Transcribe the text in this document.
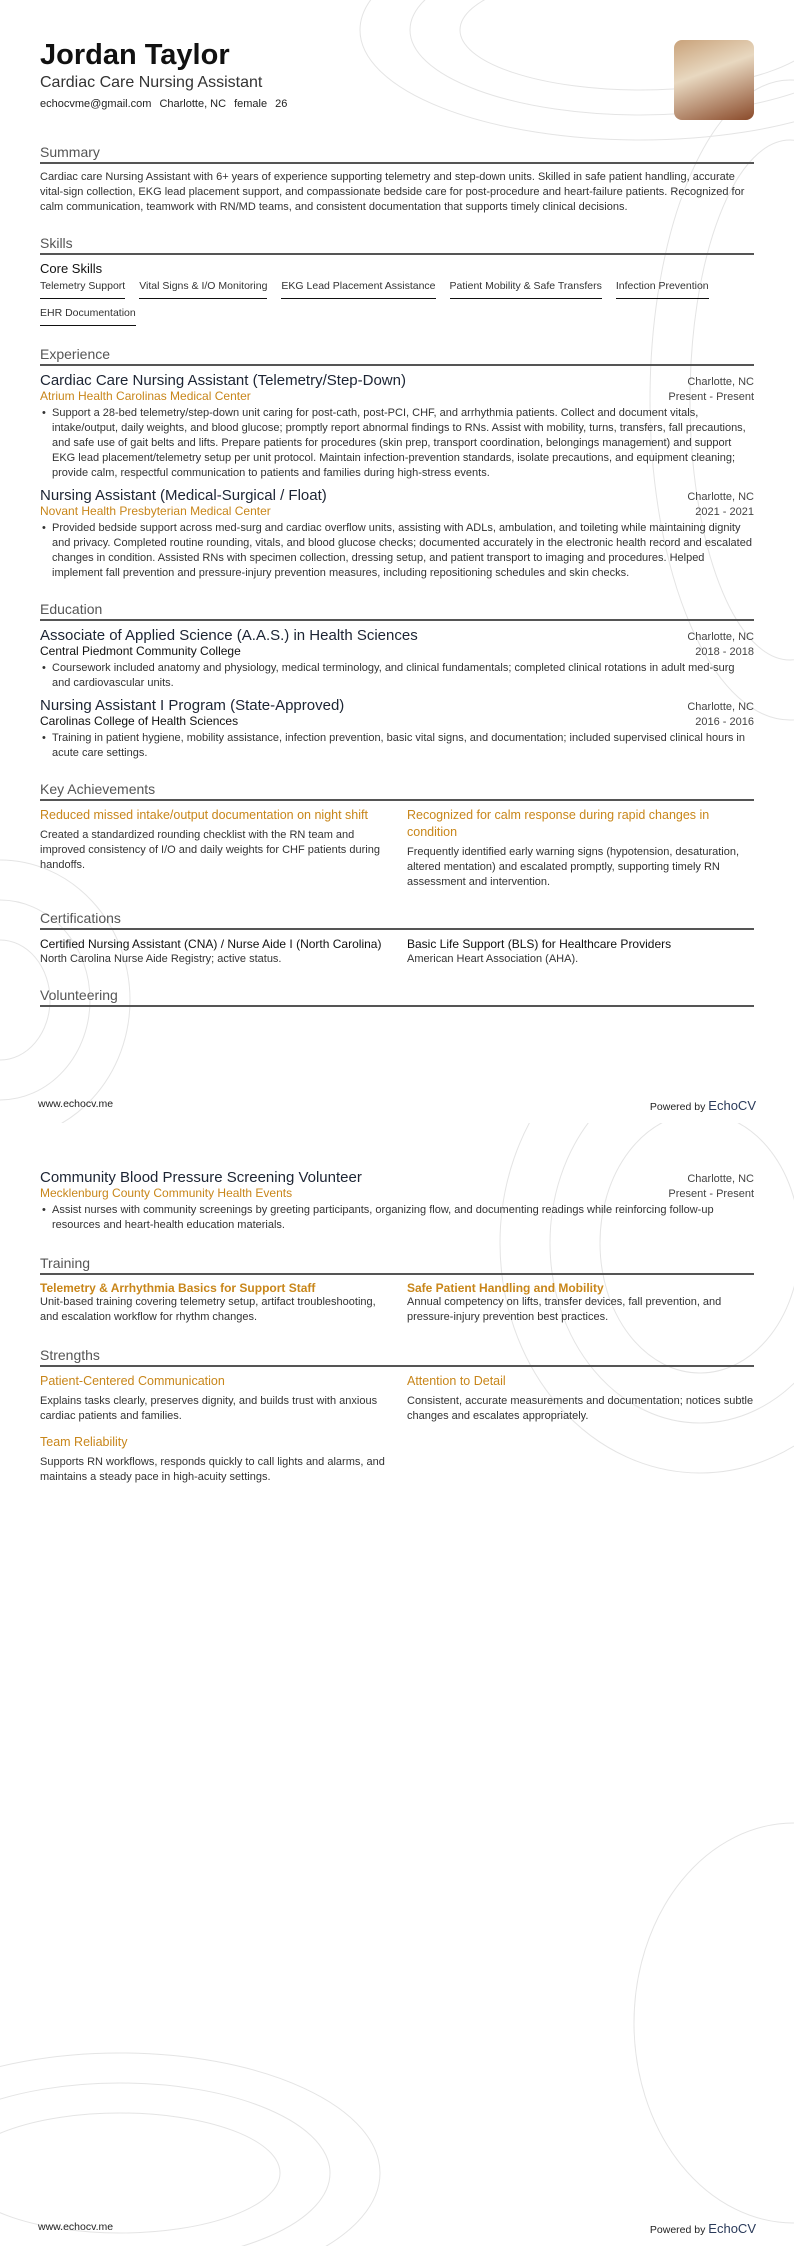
Jordan Taylor
Cardiac Care Nursing Assistant
echocvme@gmail.com Charlotte, NC female 26
Summary
Cardiac care Nursing Assistant with 6+ years of experience supporting telemetry and step-down units. Skilled in safe patient handling, accurate vital-sign collection, EKG lead placement support, and compassionate bedside care for post-procedure and heart-failure patients. Recognized for calm communication, teamwork with RN/MD teams, and consistent documentation that supports timely clinical decisions.
Skills
Core Skills
Telemetry Support Vital Signs & I/O Monitoring EKG Lead Placement Assistance Patient Mobility & Safe Transfers Infection Prevention
EHR Documentation
Experience
Cardiac Care Nursing Assistant (Telemetry/Step-Down)	Charlotte, NC
Atrium Health Carolinas Medical Center	Present - Present
• Support a 28-bed telemetry/step-down unit caring for post-cath, post-PCI, CHF, and arrhythmia patients. Collect and document vitals, intake/output, daily weights, and blood glucose; promptly report abnormal findings to RNs. Assist with mobility, turns, transfers, fall precautions, and safe use of gait belts and lifts. Prepare patients for procedures (skin prep, transport coordination, belongings management) and support EKG lead placement/telemetry setup per unit protocol. Maintain infection-prevention standards, isolate precautions, and equipment cleaning; provide calm, respectful communication to patients and families during high-stress events.
Nursing Assistant (Medical-Surgical / Float)	Charlotte, NC
Novant Health Presbyterian Medical Center	2021 - 2021
• Provided bedside support across med-surg and cardiac overflow units, assisting with ADLs, ambulation, and toileting while maintaining dignity and privacy. Completed routine rounding, vitals, and blood glucose checks; documented accurately in the electronic health record and escalated changes in condition. Assisted RNs with specimen collection, dressing setup, and patient transport to imaging and procedures. Helped implement fall prevention and pressure-injury prevention measures, including repositioning schedules and skin checks.
Education
Associate of Applied Science (A.A.S.) in Health Sciences	Charlotte, NC
Central Piedmont Community College	2018 - 2018
• Coursework included anatomy and physiology, medical terminology, and clinical fundamentals; completed clinical rotations in adult med-surg and cardiovascular units.
Nursing Assistant I Program (State-Approved)	Charlotte, NC
Carolinas College of Health Sciences	2016 - 2016
• Training in patient hygiene, mobility assistance, infection prevention, basic vital signs, and documentation; included supervised clinical hours in acute care settings.
Key Achievements
Reduced missed intake/output documentation on night shift
Created a standardized rounding checklist with the RN team and improved consistency of I/O and daily weights for CHF patients during handoffs.
Recognized for calm response during rapid changes in condition
Frequently identified early warning signs (hypotension, desaturation, altered mentation) and escalated promptly, supporting timely RN assessment and intervention.
Certifications
Certified Nursing Assistant (CNA) / Nurse Aide I (North Carolina)
North Carolina Nurse Aide Registry; active status.
Basic Life Support (BLS) for Healthcare Providers
American Heart Association (AHA).
Volunteering
www.echocv.me	Powered by EchoCV
Community Blood Pressure Screening Volunteer	Charlotte, NC
Mecklenburg County Community Health Events	Present - Present
• Assist nurses with community screenings by greeting participants, organizing flow, and documenting readings while reinforcing follow-up resources and heart-health education materials.
Training
Telemetry & Arrhythmia Basics for Support Staff
Unit-based training covering telemetry setup, artifact troubleshooting, and escalation workflow for rhythm changes.
Safe Patient Handling and Mobility
Annual competency on lifts, transfer devices, fall prevention, and pressure-injury prevention best practices.
Strengths
Patient-Centered Communication
Explains tasks clearly, preserves dignity, and builds trust with anxious cardiac patients and families.
Attention to Detail
Consistent, accurate measurements and documentation; notices subtle changes and escalates appropriately.
Team Reliability
Supports RN workflows, responds quickly to call lights and alarms, and maintains a steady pace in high-acuity settings.
www.echocv.me	Powered by EchoCV
